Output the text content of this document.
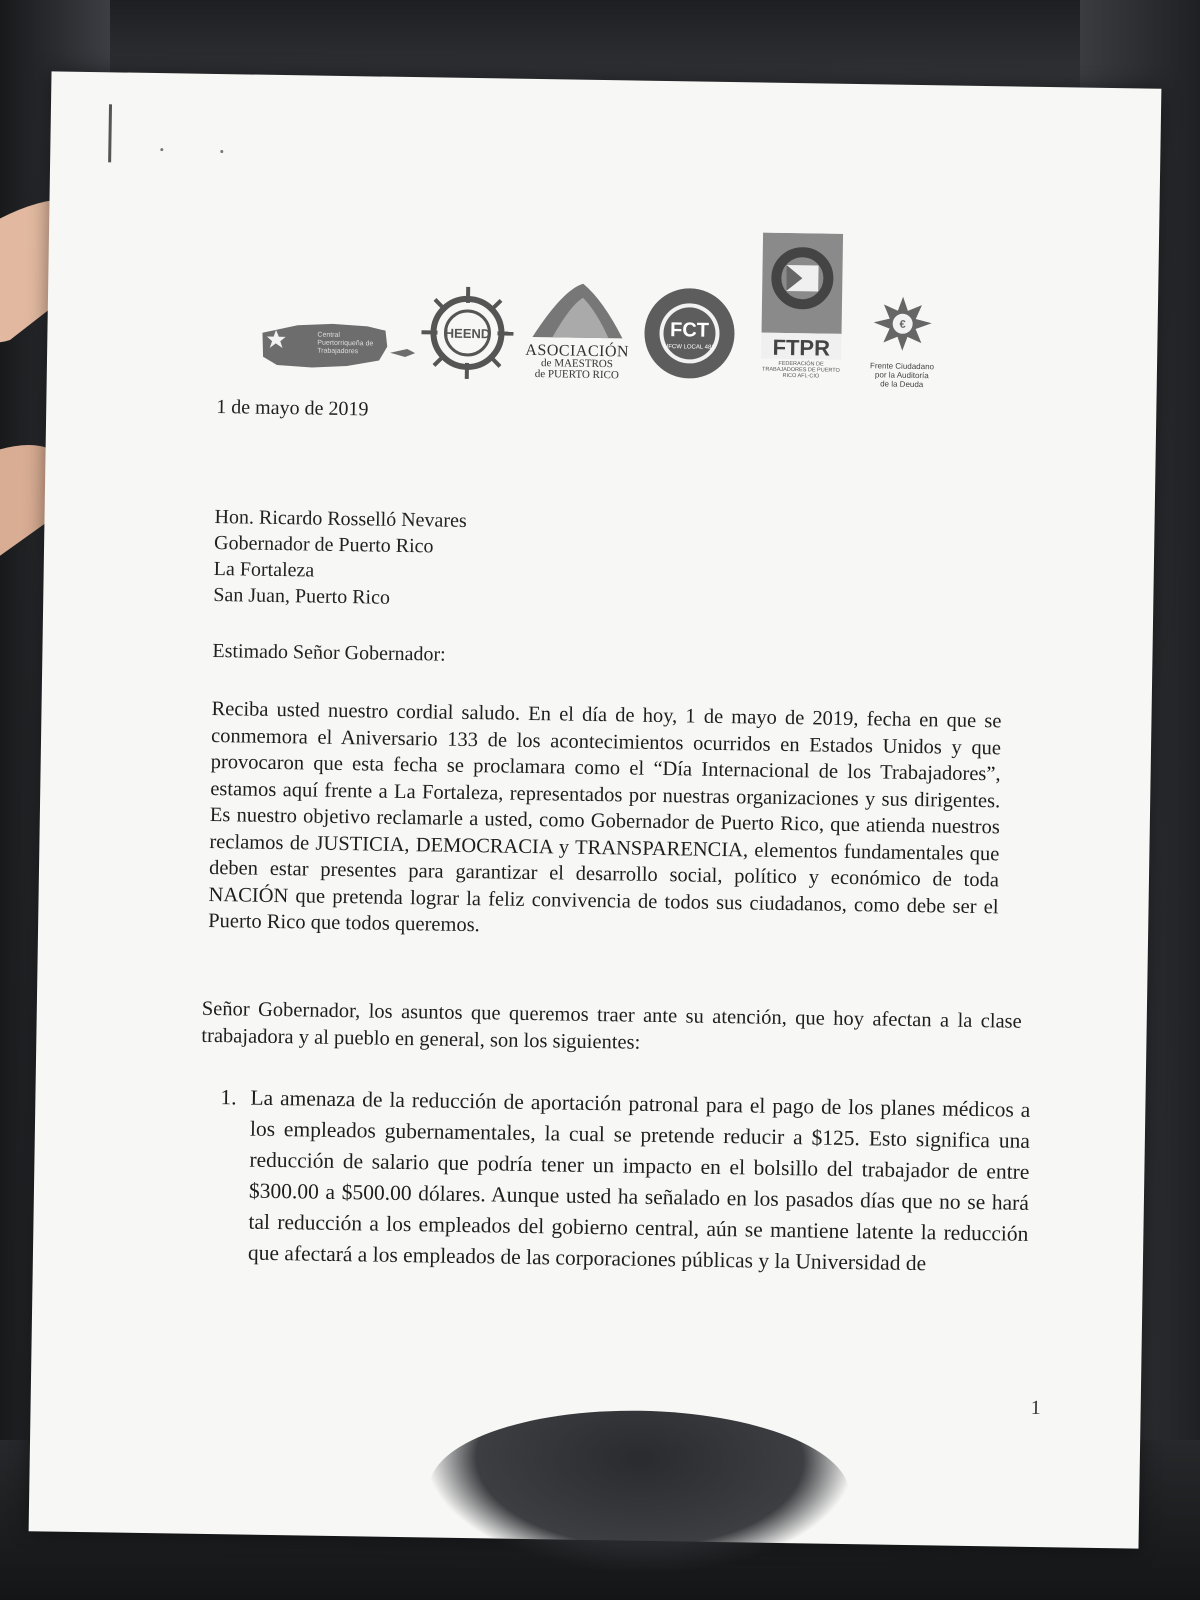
Central Puertorriqueña de Trabajadores
HEEND
ASOCIACIÓN
de MAESTROS
de PUERTO RICO
FCT
UFCW LOCAL 481	FTPR
FEDERACIÓN DE TRABAJADORES DE PUERTO RICO AFL-CIO
€
Frente Ciudadano
por la Auditoría
de la Deuda
1 de mayo de 2019
Hon. Ricardo Rosselló Nevares
Gobernador de Puerto Rico
La Fortaleza
San Juan, Puerto Rico
Estimado Señor Gobernador:
Reciba usted nuestro cordial saludo. En el día de hoy, 1 de mayo de 2019, fecha en que se conmemora el Aniversario 133 de los acontecimientos ocurridos en Estados Unidos y que provocaron que esta fecha se proclamara como el “Día Internacional de los Trabajadores”, estamos aquí frente a La Fortaleza, representados por nuestras organizaciones y sus dirigentes. Es nuestro objetivo reclamarle a usted, como Gobernador de Puerto Rico, que atienda nuestros reclamos de JUSTICIA, DEMOCRACIA y TRANSPARENCIA, elementos fundamentales que deben estar presentes para garantizar el desarrollo social, político y económico de toda NACIÓN que pretenda lograr la feliz convivencia de todos sus ciudadanos, como debe ser el Puerto Rico que todos queremos.
Señor Gobernador, los asuntos que queremos traer ante su atención, que hoy afectan a la clase trabajadora y al pueblo en general, son los siguientes:
1. La amenaza de la reducción de aportación patronal para el pago de los planes médicos a los empleados gubernamentales, la cual se pretende reducir a $125. Esto significa una reducción de salario que podría tener un impacto en el bolsillo del trabajador de entre $300.00 a $500.00 dólares. Aunque usted ha señalado en los pasados días que no se hará tal reducción a los empleados del gobierno central, aún se mantiene latente la reducción que afectará a los empleados de las corporaciones públicas y la Universidad de
1
